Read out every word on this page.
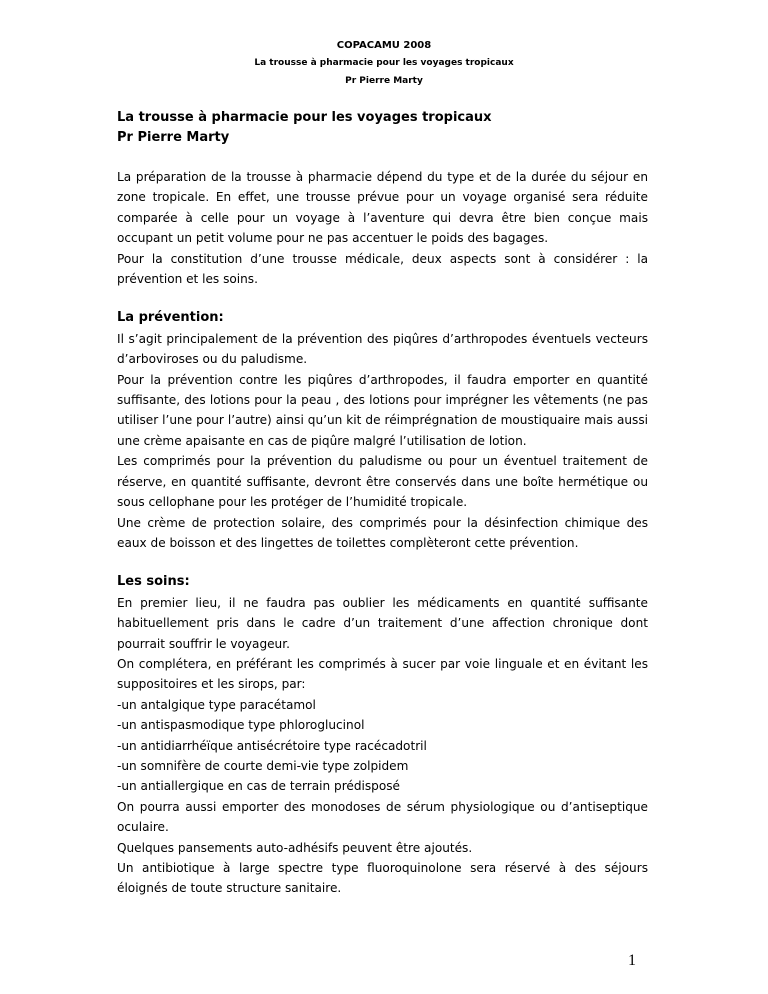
COPACAMU 2008
La trousse à pharmacie pour les voyages tropicaux
Pr Pierre Marty
La trousse à pharmacie pour les voyages tropicaux
Pr Pierre Marty

La préparation de la trousse à pharmacie dépend du type et de la durée du séjour en zone tropicale. En effet, une trousse prévue pour un voyage organisé sera réduite comparée à celle pour un voyage à l’aventure qui devra être bien conçue mais occupant un petit volume pour ne pas accentuer le poids des bagages.

Pour la constitution d’une trousse médicale, deux aspects sont à considérer : la prévention et les soins.

La prévention:

Il s’agit principalement de la prévention des piqûres d’arthropodes éventuels vecteurs d’arboviroses ou du paludisme.

Pour la prévention contre les piqûres d’arthropodes, il faudra emporter en quantité suffisante, des lotions pour la peau , des lotions pour imprégner les vêtements (ne pas utiliser l’une pour l’autre) ainsi qu’un kit de réimprégnation de moustiquaire mais aussi une crème apaisante en cas de piqûre malgré l’utilisation de lotion.

Les comprimés pour la prévention du paludisme ou pour un éventuel traitement de réserve, en quantité suffisante, devront être conservés dans une boîte hermétique ou sous cellophane pour les protéger de l’humidité tropicale.

Une crème de protection solaire, des comprimés pour la désinfection chimique des eaux de boisson et des lingettes de toilettes complèteront cette prévention.

Les soins:

En premier lieu, il ne faudra pas oublier les médicaments en quantité suffisante habituellement pris dans le cadre d’un traitement d’une affection chronique dont pourrait souffrir le voyageur.

On complétera, en préférant les comprimés à sucer par voie linguale et en évitant les suppositoires et les sirops, par:

-un antalgique type paracétamol

-un antispasmodique type phloroglucinol

-un antidiarrhéïque antisécrétoire type racécadotril

-un somnifère de courte demi-vie type zolpidem

-un antiallergique en cas de terrain prédisposé

On pourra aussi emporter des monodoses de sérum physiologique ou d’antiseptique oculaire.

Quelques pansements auto-adhésifs peuvent être ajoutés.

Un antibiotique à large spectre type fluoroquinolone sera réservé à des séjours éloignés de toute structure sanitaire.

1
